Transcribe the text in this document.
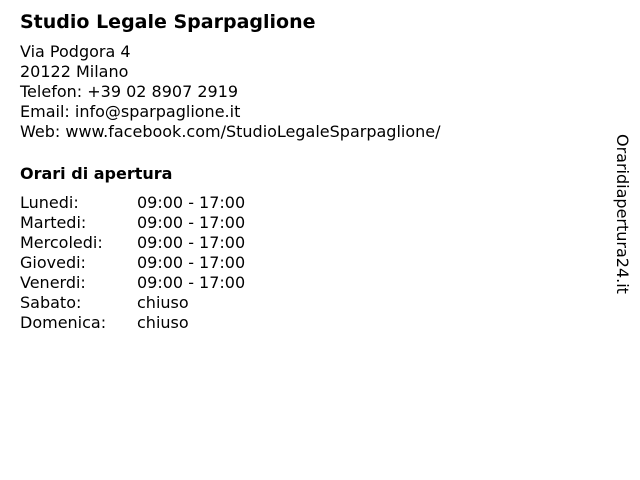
Studio Legale Sparpaglione
Via Podgora 4
20122 Milano
Telefon: +39 02 8907 2919
Email: info@sparpaglione.it
Web: www.facebook.com/StudioLegaleSparpaglione/
Orari di apertura
Lunedi:	09:00 - 17:00
Martedi:	09:00 - 17:00
Mercoledi:	09:00 - 17:00
Giovedi:	09:00 - 17:00
Venerdi:	09:00 - 17:00
Sabato:	chiuso
Domenica:	chiuso
Oraridiapertura24.it
